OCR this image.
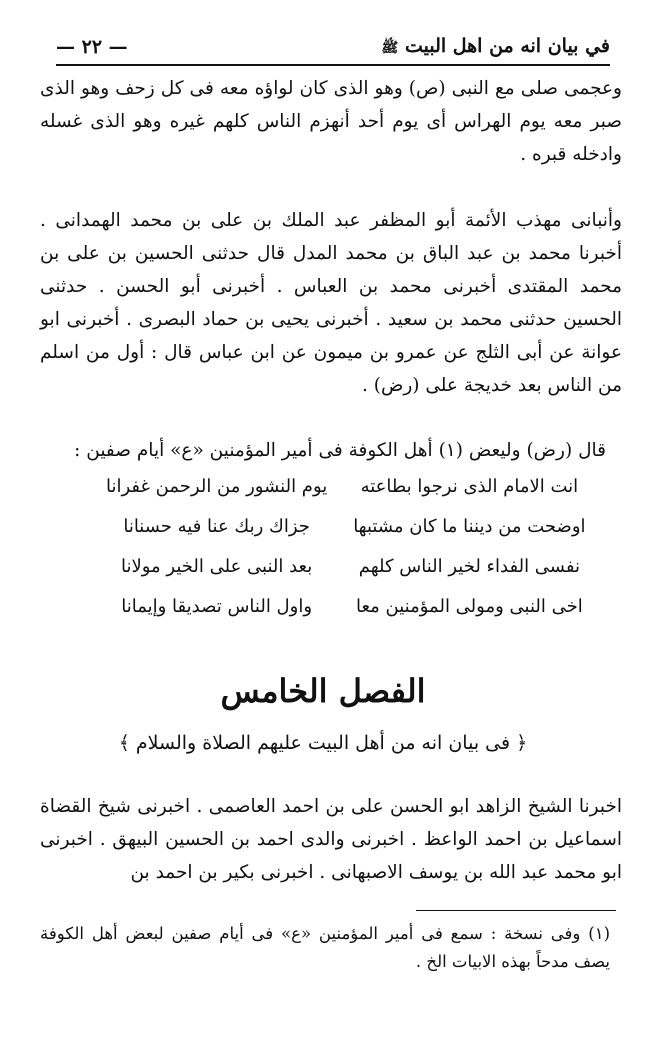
في بيان انه من اهل البيت ﷺ
— ٢٢ —

وعجمى صلى مع النبى (ص) وهو الذى كان لواؤه معه فى كل زحف وهو الذى صبر معه يوم الهراس أى يوم أحد أنهزم الناس كلهم غيره وهو الذى غسله وادخله قبره .

وأنبانى مهذب الأئمة أبو المظفر عبد الملك بن على بن محمد الهمدانى . أخبرنا محمد بن عبد الباق بن محمد المدل قال حدثنى الحسين بن على بن محمد المقتدى أخبرنى محمد بن العباس . أخبرنى أبو الحسن . حدثنى الحسين حدثنى محمد بن سعيد . أخبرنى يحيى بن حماد البصرى . أخبرنى ابو عوانة عن أبى الثلج عن عمرو بن ميمون عن ابن عباس قال : أول من اسلم من الناس بعد خديجة على (رض) .

قال (رض) وليعض (١) أهل الكوفة فى أمير المؤمنين «ع» أيام صفين :

انت الامام الذى نرجوا بطاعته
يوم النشور من الرحمن غفرانا
اوضحت من ديننا ما كان مشتبها
جزاك ربك عنا فيه حسنانا
نفسى الفداء لخير الناس كلهم
بعد النبى على الخير مولانا
اخى النبى ومولى المؤمنين معا
واول الناس تصديقا وإيمانا
الفصل الخامس
﴿ فى بيان انه من أهل البيت عليهم الصلاة والسلام ﴾

اخبرنا الشيخ الزاهد ابو الحسن على بن احمد العاصمى . اخبرنى شيخ القضاة اسماعيل بن احمد الواعظ . اخبرنى والدى احمد بن الحسين البيهق . اخبرنى ابو محمد عبد الله بن يوسف الاصبهانى . اخبرنى بكير بن احمد بن

(١) وفى نسخة : سمع فى أمير المؤمنين «ع» فى أيام صفين لبعض أهل الكوفة يصف مدحاً بهذه الابيات الخ .
